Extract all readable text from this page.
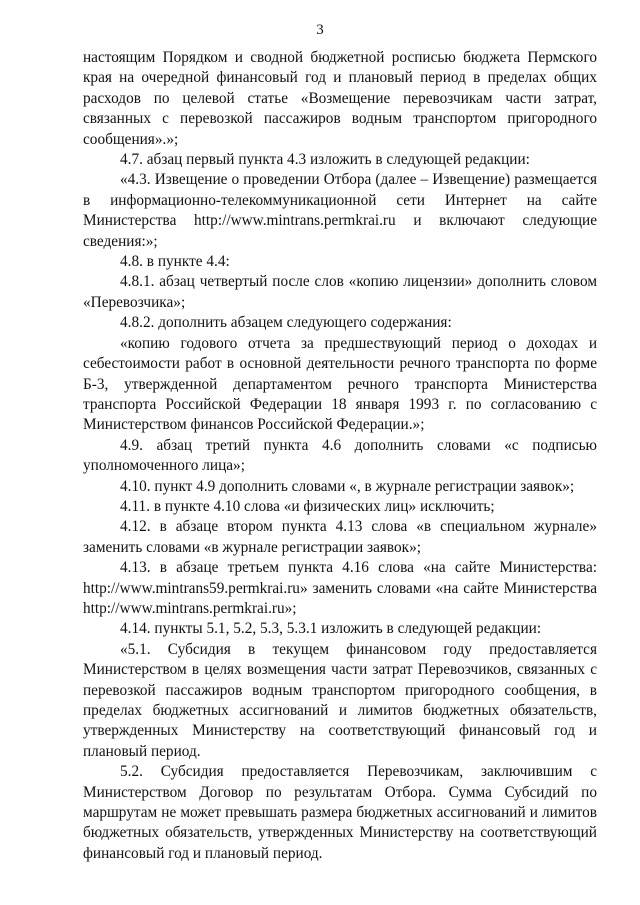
3

настоящим Порядком и сводной бюджетной росписью бюджета Пермского края на очередной финансовый год и плановый период в пределах общих расходов по целевой статье «Возмещение перевозчикам части затрат, связанных с перевозкой пассажиров водным транспортом пригородного сообщения».»;

4.7. абзац первый пункта 4.3 изложить в следующей редакции:

«4.3. Извещение о проведении Отбора (далее – Извещение) размещается в информационно-телекоммуникационной сети Интернет на сайте Министерства http://www.mintrans.permkrai.ru и включают следующие сведения:»;

4.8. в пункте 4.4:

4.8.1. абзац четвертый после слов «копию лицензии» дополнить словом «Перевозчика»;

4.8.2. дополнить абзацем следующего содержания:

«копию годового отчета за предшествующий период о доходах и себестоимости работ в основной деятельности речного транспорта по форме Б-3, утвержденной департаментом речного транспорта Министерства транспорта Российской Федерации 18 января 1993 г. по согласованию с Министерством финансов Российской Федерации.»;

4.9. абзац третий пункта 4.6 дополнить словами «с подписью уполномоченного лица»;

4.10. пункт 4.9 дополнить словами «, в журнале регистрации заявок»;

4.11. в пункте 4.10 слова «и физических лиц» исключить;

4.12. в абзаце втором пункта 4.13 слова «в специальном журнале» заменить словами «в журнале регистрации заявок»;

4.13. в абзаце третьем пункта 4.16 слова «на сайте Министерства: http://www.mintrans59.permkrai.ru» заменить словами «на сайте Министерства http://www.mintrans.permkrai.ru»;

4.14. пункты 5.1, 5.2, 5.3, 5.3.1 изложить в следующей редакции:

«5.1. Субсидия в текущем финансовом году предоставляется Министерством в целях возмещения части затрат Перевозчиков, связанных с перевозкой пассажиров водным транспортом пригородного сообщения, в пределах бюджетных ассигнований и лимитов бюджетных обязательств, утвержденных Министерству на соответствующий финансовый год и плановый период.

5.2. Субсидия предоставляется Перевозчикам, заключившим с Министерством Договор по результатам Отбора. Сумма Субсидий по маршрутам не может превышать размера бюджетных ассигнований и лимитов бюджетных обязательств, утвержденных Министерству на соответствующий финансовый год и плановый период.
